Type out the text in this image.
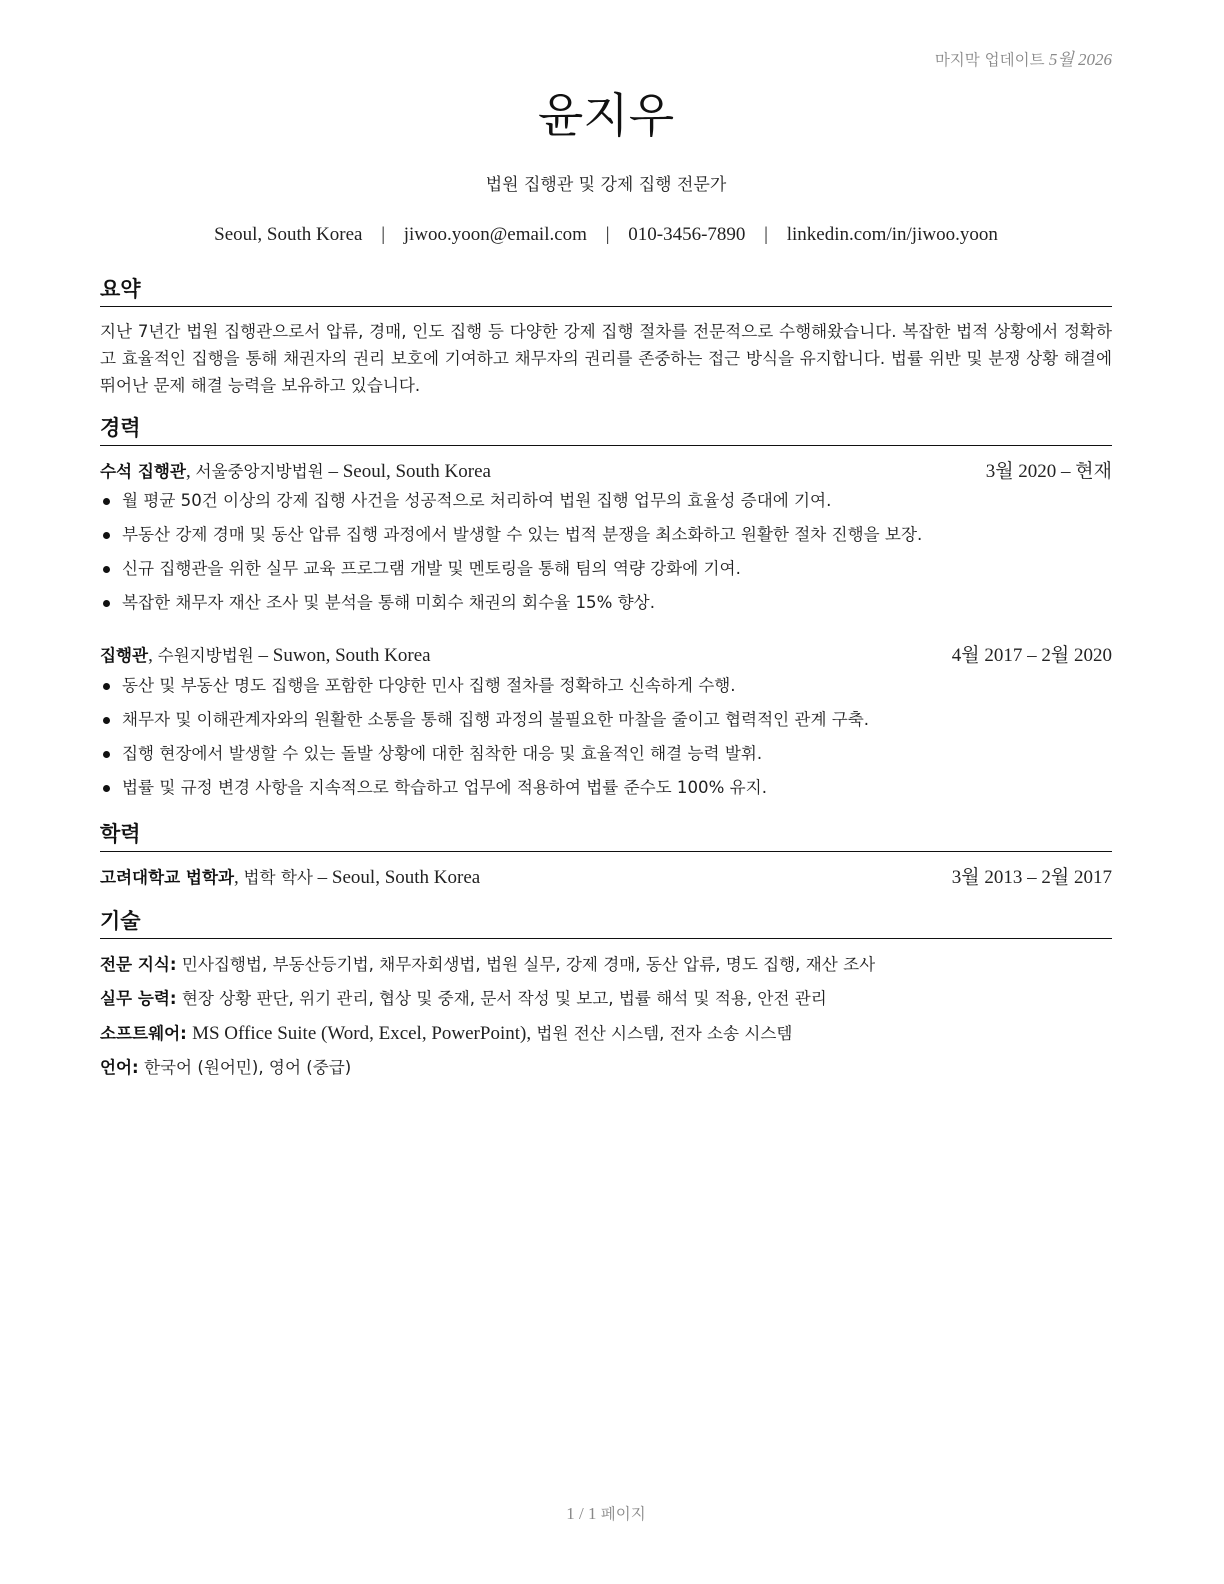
마지막 업데이트 5월 2026
윤지우
법원 집행관 및 강제 집행 전문가
Seoul, South Korea | jiwoo.yoon@email.com | 010-3456-7890 | linkedin.com/in/jiwoo.yoon
요약
지난 7년간 법원 집행관으로서 압류, 경매, 인도 집행 등 다양한 강제 집행 절차를 전문적으로 수행해왔습니다. 복잡한 법적 상황에서 정확하고 효율적인 집행을 통해 채권자의 권리 보호에 기여하고 채무자의 권리를 존중하는 접근 방식을 유지합니다. 법률 위반 및 분쟁 상황 해결에 뛰어난 문제 해결 능력을 보유하고 있습니다.
경력
수석 집행관, 서울중앙지방법원 – Seoul, South Korea	3월 2020 – 현재
월 평균 50건 이상의 강제 집행 사건을 성공적으로 처리하여 법원 집행 업무의 효율성 증대에 기여.
부동산 강제 경매 및 동산 압류 집행 과정에서 발생할 수 있는 법적 분쟁을 최소화하고 원활한 절차 진행을 보장.
신규 집행관을 위한 실무 교육 프로그램 개발 및 멘토링을 통해 팀의 역량 강화에 기여.
복잡한 채무자 재산 조사 및 분석을 통해 미회수 채권의 회수율 15% 향상.
집행관, 수원지방법원 – Suwon, South Korea	4월 2017 – 2월 2020
동산 및 부동산 명도 집행을 포함한 다양한 민사 집행 절차를 정확하고 신속하게 수행.
채무자 및 이해관계자와의 원활한 소통을 통해 집행 과정의 불필요한 마찰을 줄이고 협력적인 관계 구축.
집행 현장에서 발생할 수 있는 돌발 상황에 대한 침착한 대응 및 효율적인 해결 능력 발휘.
법률 및 규정 변경 사항을 지속적으로 학습하고 업무에 적용하여 법률 준수도 100% 유지.
학력
고려대학교 법학과, 법학 학사 – Seoul, South Korea	3월 2013 – 2월 2017
기술
전문 지식: 민사집행법, 부동산등기법, 채무자회생법, 법원 실무, 강제 경매, 동산 압류, 명도 집행, 재산 조사
실무 능력: 현장 상황 판단, 위기 관리, 협상 및 중재, 문서 작성 및 보고, 법률 해석 및 적용, 안전 관리
소프트웨어: MS Office Suite (Word, Excel, PowerPoint), 법원 전산 시스템, 전자 소송 시스템
언어: 한국어 (원어민), 영어 (중급)
1 / 1 페이지
